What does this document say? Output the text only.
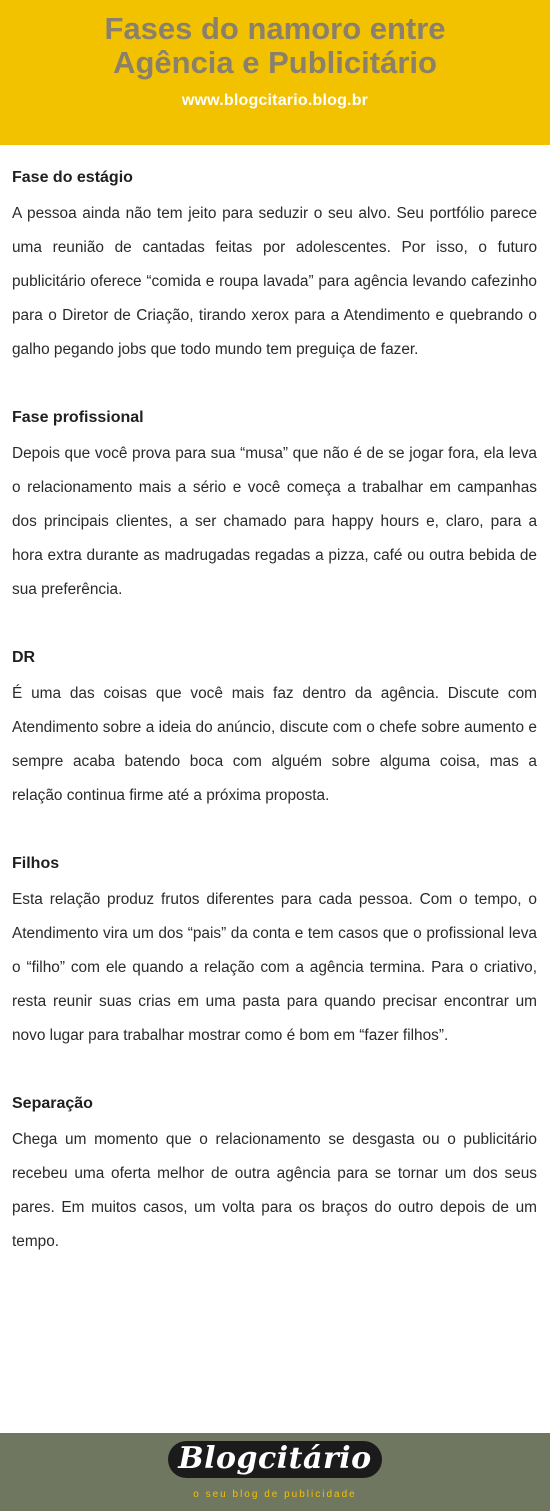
Fases do namoro entre
Agência e Publicitário
www.blogcitario.blog.br
Fase do estágio

A pessoa ainda não tem jeito para seduzir o seu alvo. Seu portfólio parece uma reunião de cantadas feitas por adolescentes. Por isso, o futuro publicitário oferece “comida e roupa lavada” para agência levando cafezinho para o Diretor de Criação, tirando xerox para a Atendimento e quebrando o galho pegando jobs que todo mundo tem preguiça de fazer.

Fase profissional

Depois que você prova para sua “musa” que não é de se jogar fora, ela leva o relacionamento mais a sério e você começa a trabalhar em campanhas dos principais clientes, a ser chamado para happy hours e, claro, para a hora extra durante as madrugadas regadas a pizza, café ou outra bebida de sua preferência.

DR

É uma das coisas que você mais faz dentro da agência. Discute com Atendimento sobre a ideia do anúncio, discute com o chefe sobre aumento e sempre acaba batendo boca com alguém sobre alguma coisa, mas a relação continua firme até a próxima proposta.

Filhos

Esta relação produz frutos diferentes para cada pessoa. Com o tempo, o Atendimento vira um dos “pais” da conta e tem casos que o profissional leva o “filho” com ele quando a relação com a agência termina. Para o criativo, resta reunir suas crias em uma pasta para quando precisar encontrar um novo lugar para trabalhar mostrar como é bom em “fazer filhos”.

Separação

Chega um momento que o relacionamento se desgasta ou o publicitário recebeu uma oferta melhor de outra agência para se tornar um dos seus pares. Em muitos casos, um volta para os braços do outro depois de um tempo.

Blogcitário
o seu blog de publicidade
